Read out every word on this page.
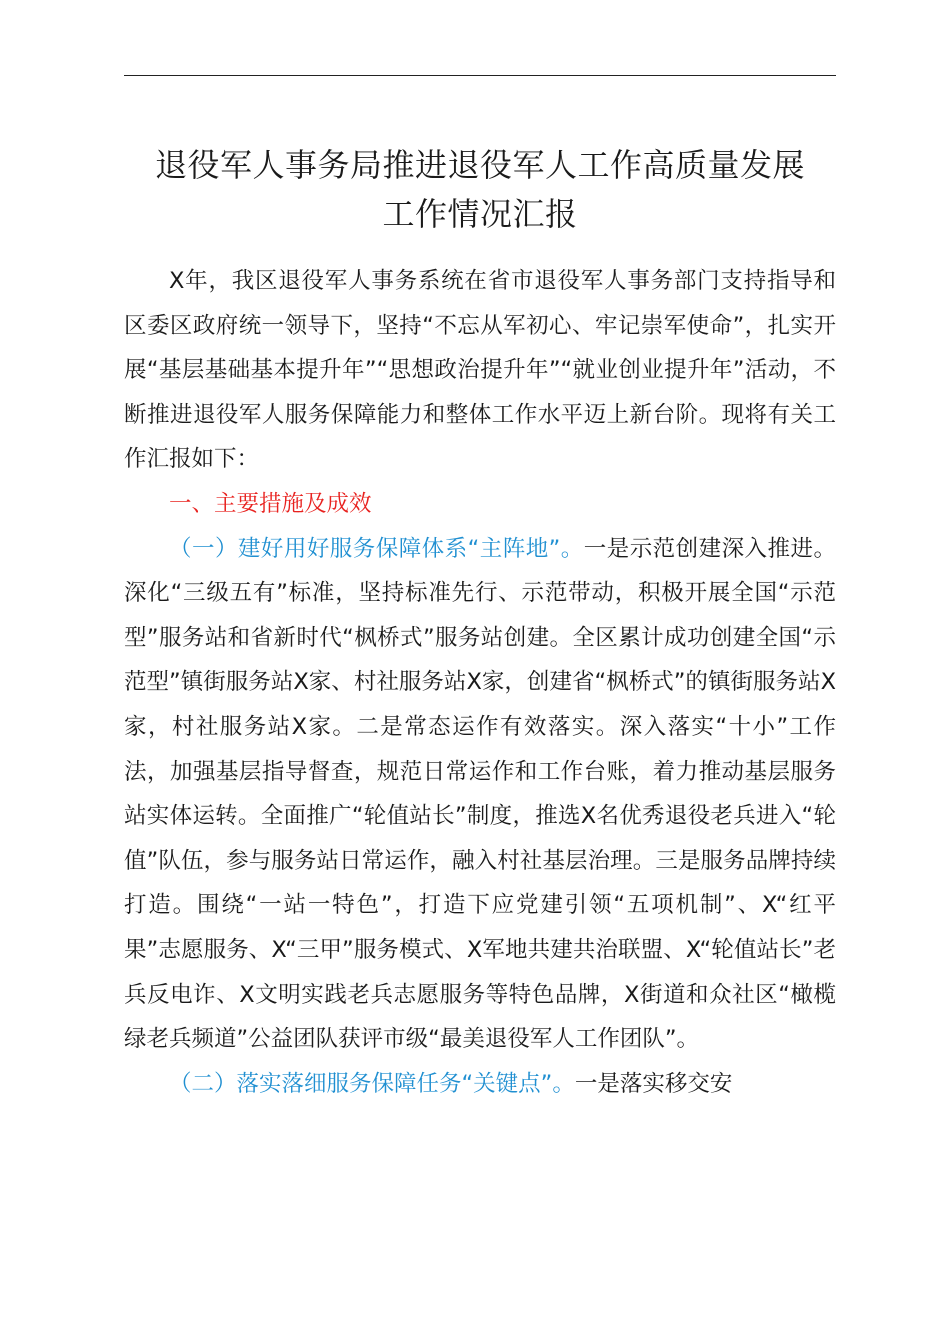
退役军人事务局推进退役军人工作高质量发展
工作情况汇报

X年，我区退役军人事务系统在省市退役军人事务部门支持指导和区委区政府统一领导下，坚持“不忘从军初心、牢记崇军使命”，扎实开展“基层基础基本提升年”“思想政治提升年”“就业创业提升年”活动，不断推进退役军人服务保障能力和整体工作水平迈上新台阶。现将有关工作汇报如下：

一、主要措施及成效

（一）建好用好服务保障体系“主阵地”。一是示范创建深入推进。深化“三级五有”标准，坚持标准先行、示范带动，积极开展全国“示范型”服务站和省新时代“枫桥式”服务站创建。全区累计成功创建全国“示范型”镇街服务站X家、村社服务站X家，创建省“枫桥式”的镇街服务站X家，村社服务站X家。二是常态运作有效落实。深入落实“十小”工作法，加强基层指导督查，规范日常运作和工作台账，着力推动基层服务站实体运转。全面推广“轮值站长”制度，推选X名优秀退役老兵进入“轮值”队伍，参与服务站日常运作，融入村社基层治理。三是服务品牌持续打造。围绕“一站一特色”，打造下应党建引领“五项机制”、X“红平果”志愿服务、X“三甲”服务模式、X军地共建共治联盟、X“轮值站长”老兵反电诈、X文明实践老兵志愿服务等特色品牌，X街道和众社区“橄榄绿老兵频道”公益团队获评市级“最美退役军人工作团队”。

（二）落实落细服务保障任务“关键点”。一是落实移交安
